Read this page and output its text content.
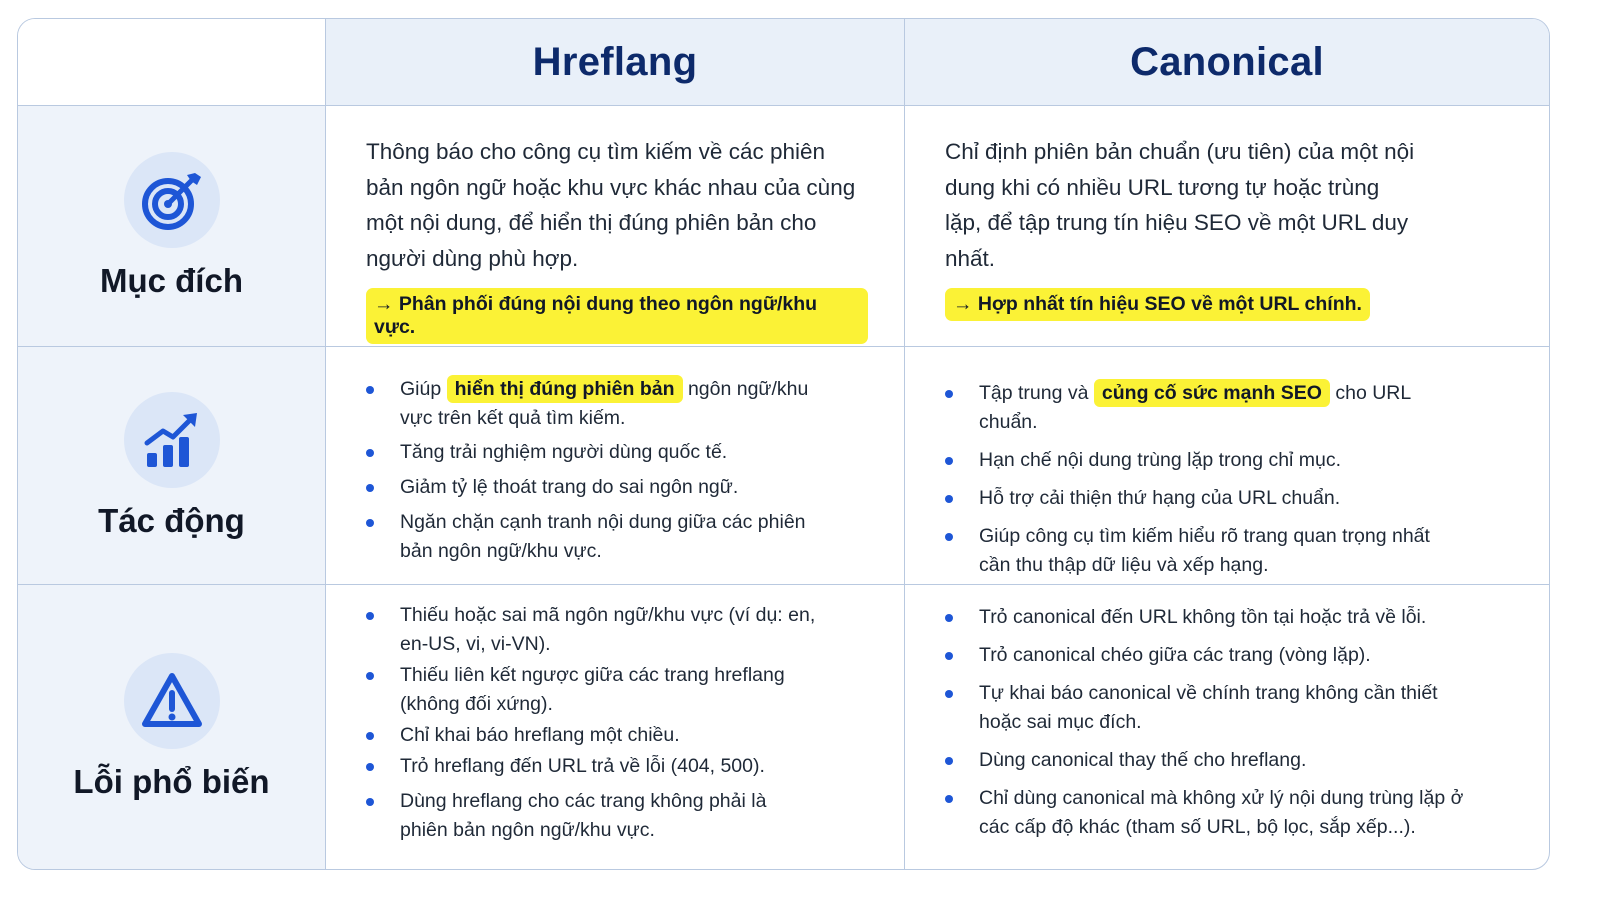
Hreflang	Canonical
Mục đích

Thông báo cho công cụ tìm kiếm về các phiên bản ngôn ngữ hoặc khu vực khác nhau của cùng một nội dung, để hiển thị đúng phiên bản cho người dùng phù hợp.

→ Phân phối đúng nội dung theo ngôn ngữ/khu vực.

Chỉ định phiên bản chuẩn (ưu tiên) của một nội dung khi có nhiều URL tương tự hoặc trùng lặp, để tập trung tín hiệu SEO về một URL duy nhất.

→ Hợp nhất tín hiệu SEO về một URL chính.
Tác động
Giúp hiển thị đúng phiên bản ngôn ngữ/khu vực trên kết quả tìm kiếm.
Tăng trải nghiệm người dùng quốc tế.
Giảm tỷ lệ thoát trang do sai ngôn ngữ.
Ngăn chặn cạnh tranh nội dung giữa các phiên bản ngôn ngữ/khu vực.
Tập trung và củng cố sức mạnh SEO cho URL chuẩn.
Hạn chế nội dung trùng lặp trong chỉ mục.
Hỗ trợ cải thiện thứ hạng của URL chuẩn.
Giúp công cụ tìm kiếm hiểu rõ trang quan trọng nhất cần thu thập dữ liệu và xếp hạng.
Lỗi phổ biến
Thiếu hoặc sai mã ngôn ngữ/khu vực (ví dụ: en, en-US, vi, vi-VN).
Thiếu liên kết ngược giữa các trang hreflang (không đối xứng).
Chỉ khai báo hreflang một chiều.
Trỏ hreflang đến URL trả về lỗi (404, 500).
Dùng hreflang cho các trang không phải là phiên bản ngôn ngữ/khu vực.
Trỏ canonical đến URL không tồn tại hoặc trả về lỗi.
Trỏ canonical chéo giữa các trang (vòng lặp).
Tự khai báo canonical về chính trang không cần thiết hoặc sai mục đích.
Dùng canonical thay thế cho hreflang.
Chỉ dùng canonical mà không xử lý nội dung trùng lặp ở các cấp độ khác (tham số URL, bộ lọc, sắp xếp...).
